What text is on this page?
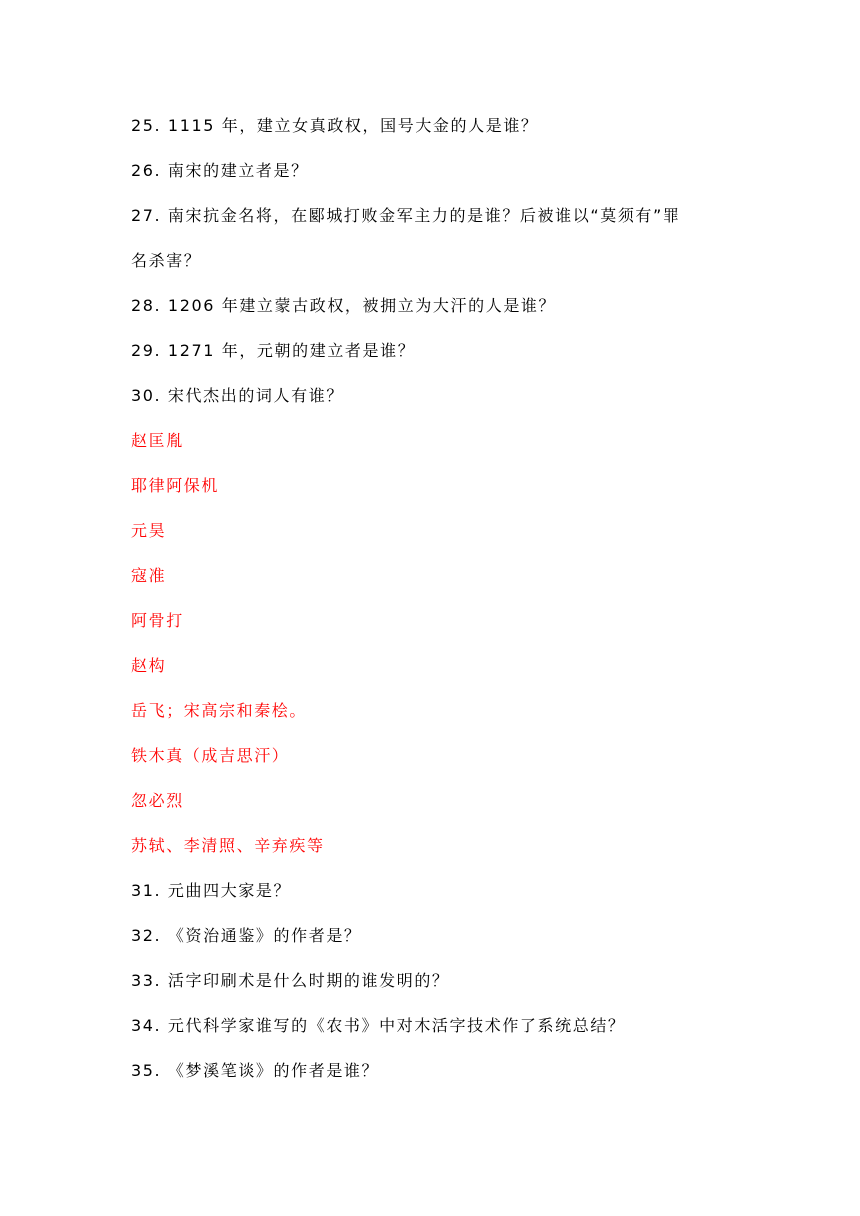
25. 1115 年，建立女真政权，国号大金的人是谁？
26. 南宋的建立者是？
27. 南宋抗金名将，在郾城打败金军主力的是谁？后被谁以“莫须有”罪
名杀害？
28. 1206 年建立蒙古政权，被拥立为大汗的人是谁？
29. 1271 年，元朝的建立者是谁？
30. 宋代杰出的词人有谁？
赵匡胤
耶律阿保机
元昊
寇准
阿骨打
赵构
岳飞；宋高宗和秦桧。
铁木真（成吉思汗）
忽必烈
苏轼、李清照、辛弃疾等
31. 元曲四大家是？
32. 《资治通鉴》的作者是？
33. 活字印刷术是什么时期的谁发明的？
34. 元代科学家谁写的《农书》中对木活字技术作了系统总结？
35. 《梦溪笔谈》的作者是谁？
